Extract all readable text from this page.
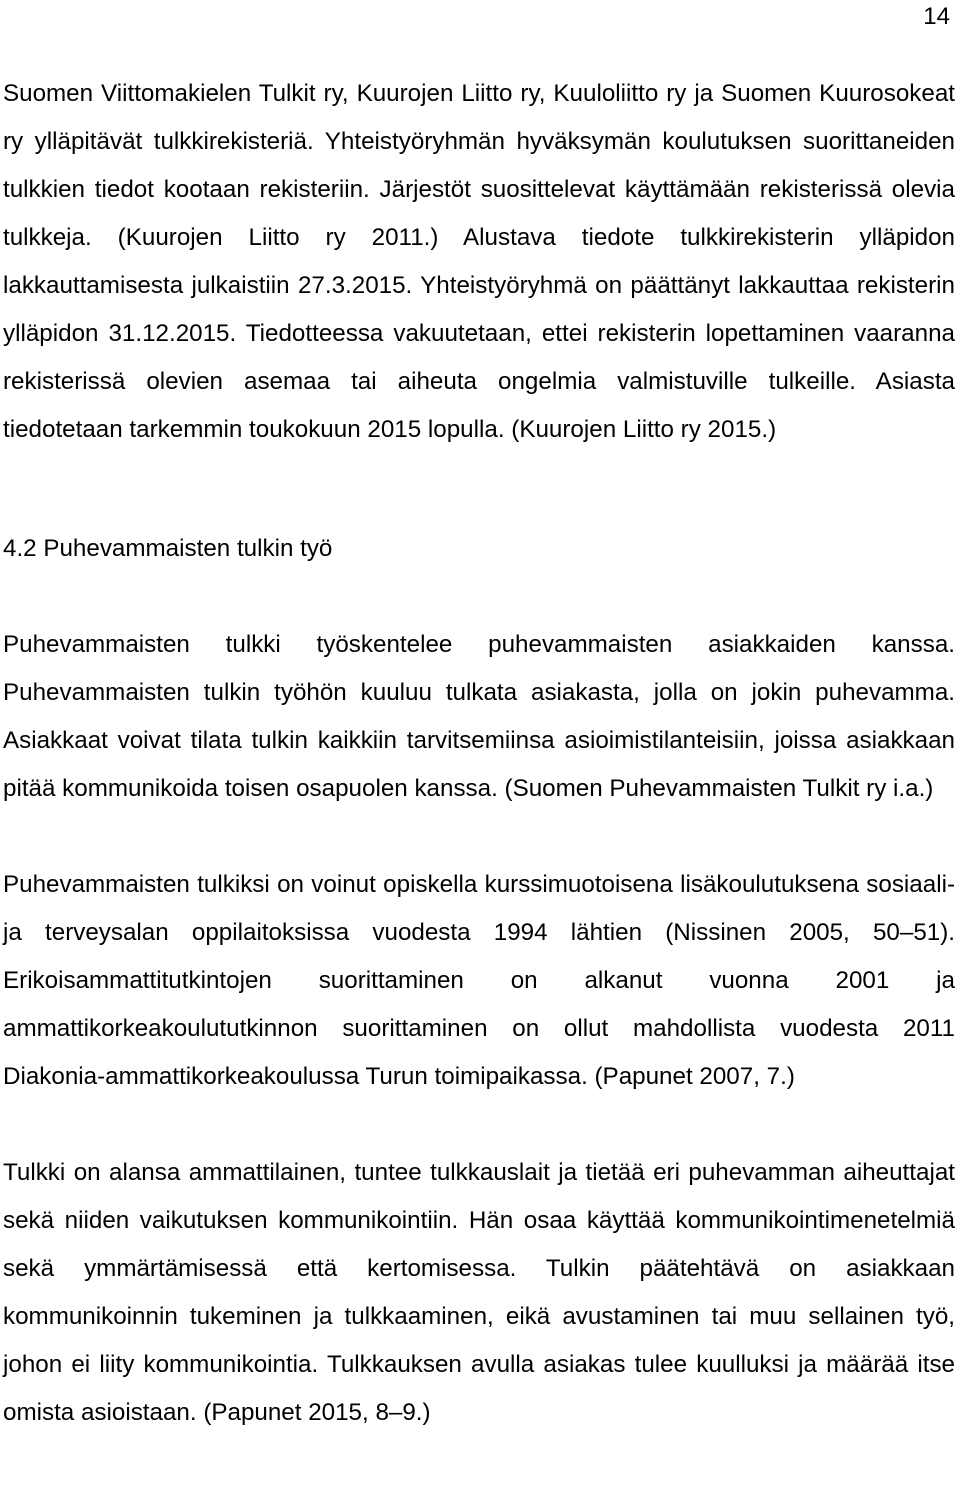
14

Suomen Viittomakielen Tulkit ry, Kuurojen Liitto ry, Kuuloliitto ry ja Suomen Kuurosokeat ry ylläpitävät tulkkirekisteriä. Yhteistyöryhmän hyväksymän koulutuksen suorittaneiden tulkkien tiedot kootaan rekisteriin. Järjestöt suosittelevat käyttämään rekisterissä olevia tulkkeja. (Kuurojen Liitto ry 2011.) Alustava tiedote tulkkirekisterin ylläpidon lakkauttamisesta julkaistiin 27.3.2015. Yhteistyöryhmä on päättänyt lakkauttaa rekisterin ylläpidon 31.12.2015. Tiedotteessa vakuutetaan, ettei rekisterin lopettaminen vaaranna rekisterissä olevien asemaa tai aiheuta ongelmia valmistuville tulkeille. Asiasta tiedotetaan tarkemmin toukokuun 2015 lopulla. (Kuurojen Liitto ry 2015.)

4.2 Puhevammaisten tulkin työ

Puhevammaisten tulkki työskentelee puhevammaisten asiakkaiden kanssa. Puhevammaisten tulkin työhön kuuluu tulkata asiakasta, jolla on jokin puhevamma. Asiakkaat voivat tilata tulkin kaikkiin tarvitsemiinsa asioimistilanteisiin, joissa asiakkaan pitää kommunikoida toisen osapuolen kanssa. (Suomen Puhevammaisten Tulkit ry i.a.)

Puhevammaisten tulkiksi on voinut opiskella kurssimuotoisena lisäkoulutuksena sosiaali- ja terveysalan oppilaitoksissa vuodesta 1994 lähtien (Nissinen 2005, 50–51). Erikoisammattitutkintojen suorittaminen on alkanut vuonna 2001 ja ammattikorkeakoulututkinnon suorittaminen on ollut mahdollista vuodesta 2011 Diakonia-ammattikorkeakoulussa Turun toimipaikassa. (Papunet 2007, 7.)

Tulkki on alansa ammattilainen, tuntee tulkkauslait ja tietää eri puhevamman aiheuttajat sekä niiden vaikutuksen kommunikointiin. Hän osaa käyttää kommunikointimenetelmiä sekä ymmärtämisessä että kertomisessa. Tulkin päätehtävä on asiakkaan kommunikoinnin tukeminen ja tulkkaaminen, eikä avustaminen tai muu sellainen työ, johon ei liity kommunikointia. Tulkkauksen avulla asiakas tulee kuulluksi ja määrää itse omista asioistaan. (Papunet 2015, 8–9.)
